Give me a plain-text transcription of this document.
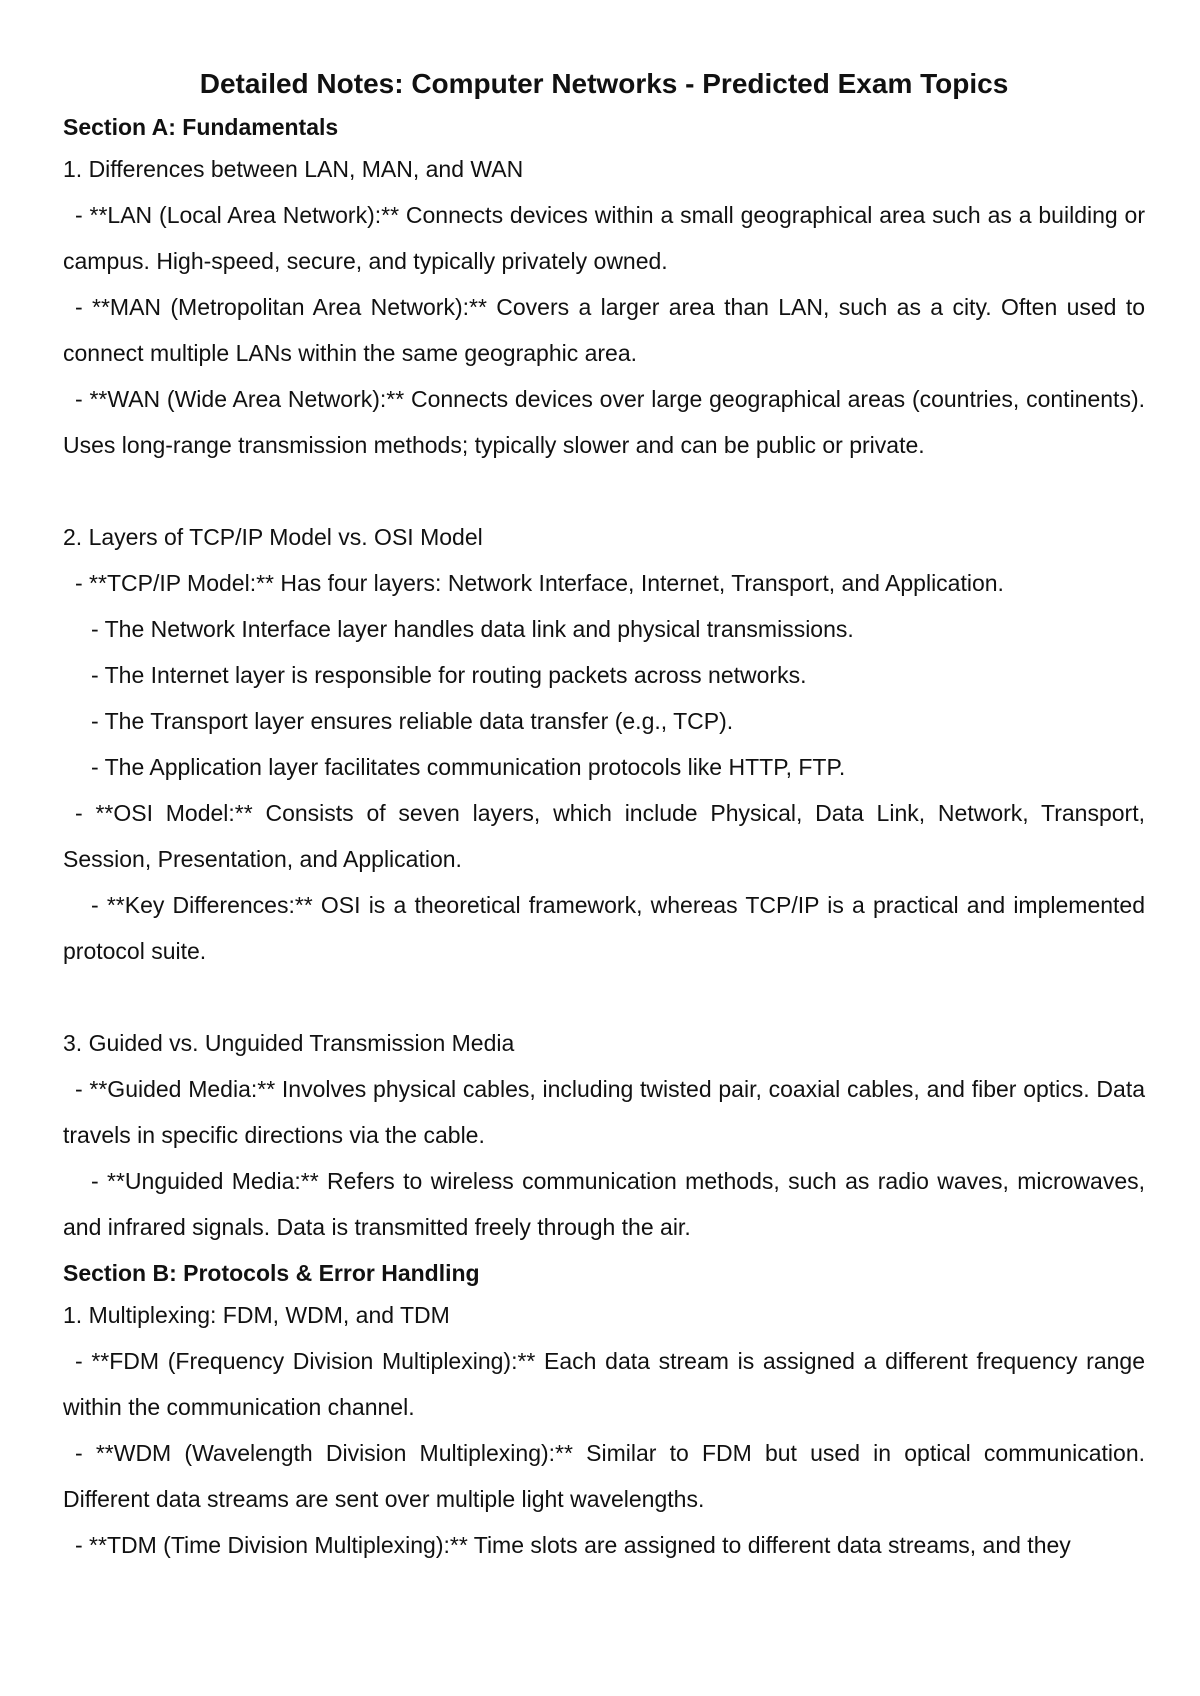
Detailed Notes: Computer Networks - Predicted Exam Topics
Section A: Fundamentals

1. Differences between LAN, MAN, and WAN

- **LAN (Local Area Network):** Connects devices within a small geographical area such as a building or campus. High-speed, secure, and typically privately owned.

- **MAN (Metropolitan Area Network):** Covers a larger area than LAN, such as a city. Often used to connect multiple LANs within the same geographic area.

- **WAN (Wide Area Network):** Connects devices over large geographical areas (countries, continents). Uses long-range transmission methods; typically slower and can be public or private.

2. Layers of TCP/IP Model vs. OSI Model

- **TCP/IP Model:** Has four layers: Network Interface, Internet, Transport, and Application.

- The Network Interface layer handles data link and physical transmissions.

- The Internet layer is responsible for routing packets across networks.

- The Transport layer ensures reliable data transfer (e.g., TCP).

- The Application layer facilitates communication protocols like HTTP, FTP.

- **OSI Model:** Consists of seven layers, which include Physical, Data Link, Network, Transport, Session, Presentation, and Application.

- **Key Differences:** OSI is a theoretical framework, whereas TCP/IP is a practical and implemented protocol suite.

3. Guided vs. Unguided Transmission Media

- **Guided Media:** Involves physical cables, including twisted pair, coaxial cables, and fiber optics. Data travels in specific directions via the cable.

- **Unguided Media:** Refers to wireless communication methods, such as radio waves, microwaves, and infrared signals. Data is transmitted freely through the air.

Section B: Protocols & Error Handling

1. Multiplexing: FDM, WDM, and TDM

- **FDM (Frequency Division Multiplexing):** Each data stream is assigned a different frequency range within the communication channel.

- **WDM (Wavelength Division Multiplexing):** Similar to FDM but used in optical communication. Different data streams are sent over multiple light wavelengths.

- **TDM (Time Division Multiplexing):** Time slots are assigned to different data streams, and they
